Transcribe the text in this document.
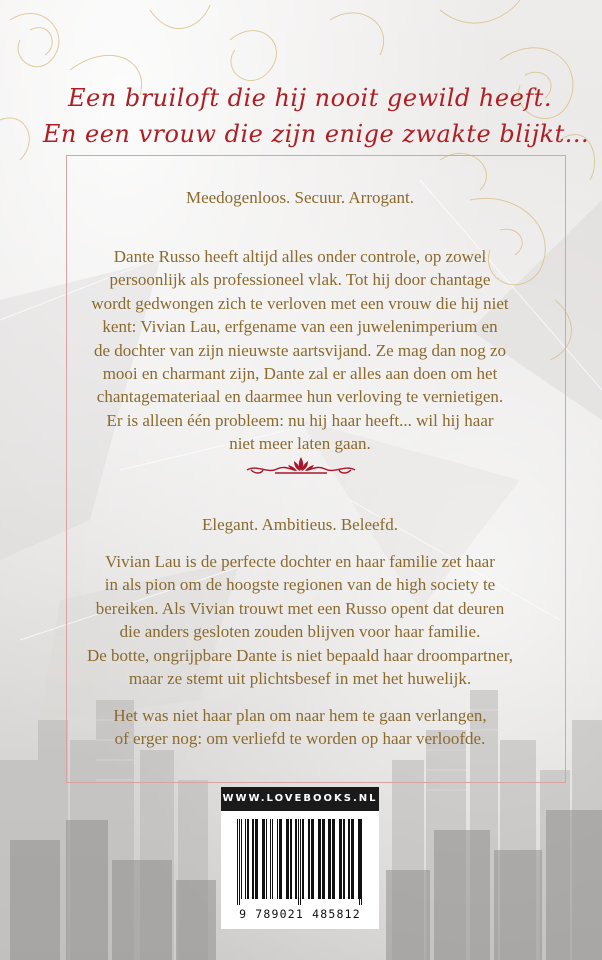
Een bruiloft die hij nooit gewild heeft.
En een vrouw die zijn enige zwakte blijkt...
Meedogenloos. Secuur. Arrogant.
Dante Russo heeft altijd alles onder controle, op zowel
persoonlijk als professioneel vlak. Tot hij door chantage
wordt gedwongen zich te verloven met een vrouw die hij niet
kent: Vivian Lau, erfgename van een juwelenimperium en
de dochter van zijn nieuwste aartsvijand. Ze mag dan nog zo
mooi en charmant zijn, Dante zal er alles aan doen om het
chantagemateriaal en daarmee hun verloving te vernietigen.
Er is alleen één probleem: nu hij haar heeft... wil hij haar
niet meer laten gaan.
Elegant. Ambitieus. Beleefd.
Vivian Lau is de perfecte dochter en haar familie zet haar
in als pion om de hoogste regionen van de high society te
bereiken. Als Vivian trouwt met een Russo opent dat deuren
die anders gesloten zouden blijven voor haar familie.
De botte, ongrijpbare Dante is niet bepaald haar droompartner,
maar ze stemt uit plichtsbesef in met het huwelijk.
Het was niet haar plan om naar hem te gaan verlangen,
of erger nog: om verliefd te worden op haar verloofde.
WWW.LOVEBOOKS.NL
9 789021 485812
